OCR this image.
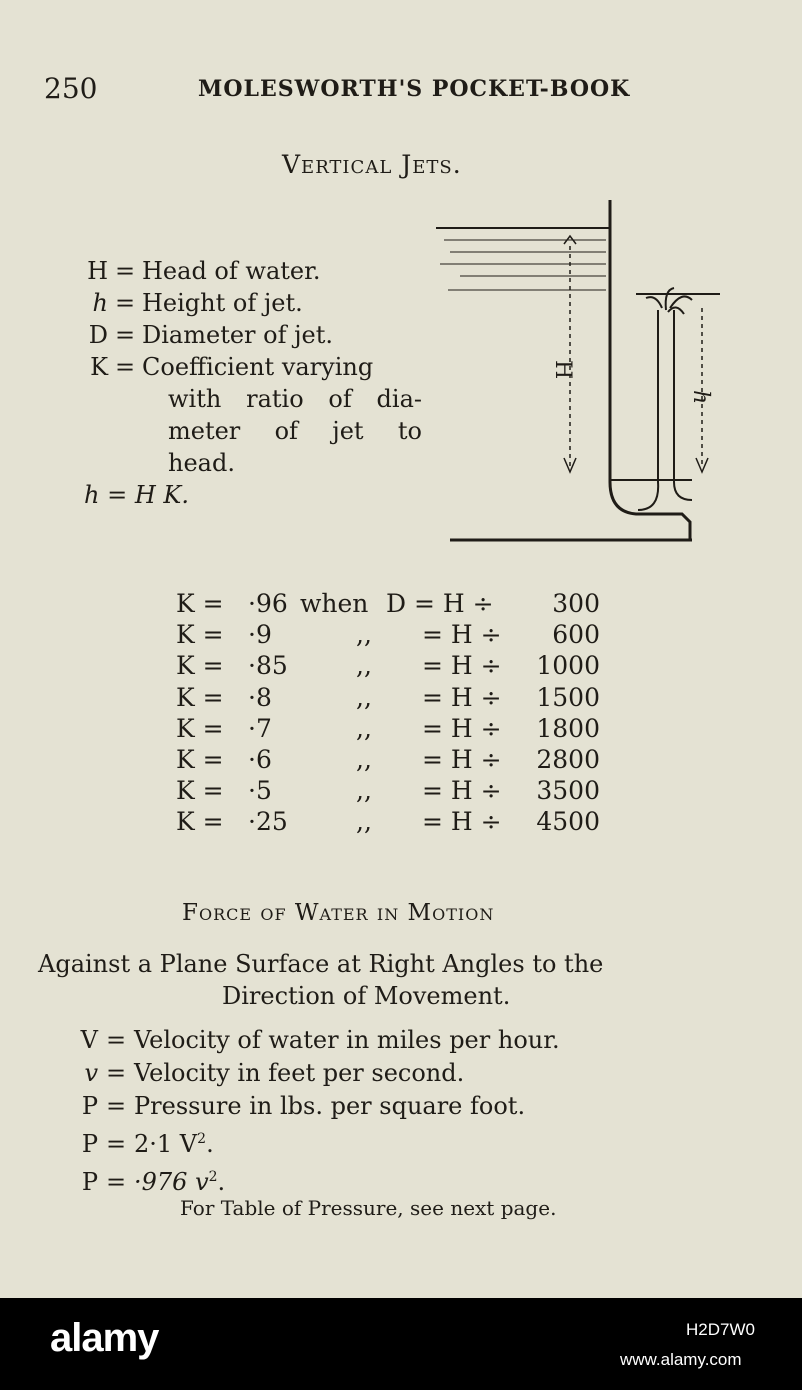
250	MOLESWORTH'S POCKET-BOOK
Vertical Jets.
H = Head of water.
h = Height of jet.
D = Diameter of jet.
K = Coefficient varying
with ratio of dia-
meter of jet to
head.
h = H K.
H
h
K = ·96 when D = H ÷ 300
K = ·9	,, = H ÷ 600
K = ·85	,, = H ÷ 1000
K = ·8	,, = H ÷ 1500
K = ·7	,, = H ÷ 1800
K = ·6	,, = H ÷ 2800
K = ·5	,, = H ÷ 3500
K = ·25	,, = H ÷ 4500
Force of Water in Motion
Against a Plane Surface at Right Angles to the
Direction of Movement.
V = Velocity of water in miles per hour.
v = Velocity in feet per second.
P = Pressure in lbs. per square foot.
P = 2·1 $V^2$.
P = ·976 $v^2$.
For Table of Pressure, see next page.
alamy	H2D7W0
www.alamy.com
